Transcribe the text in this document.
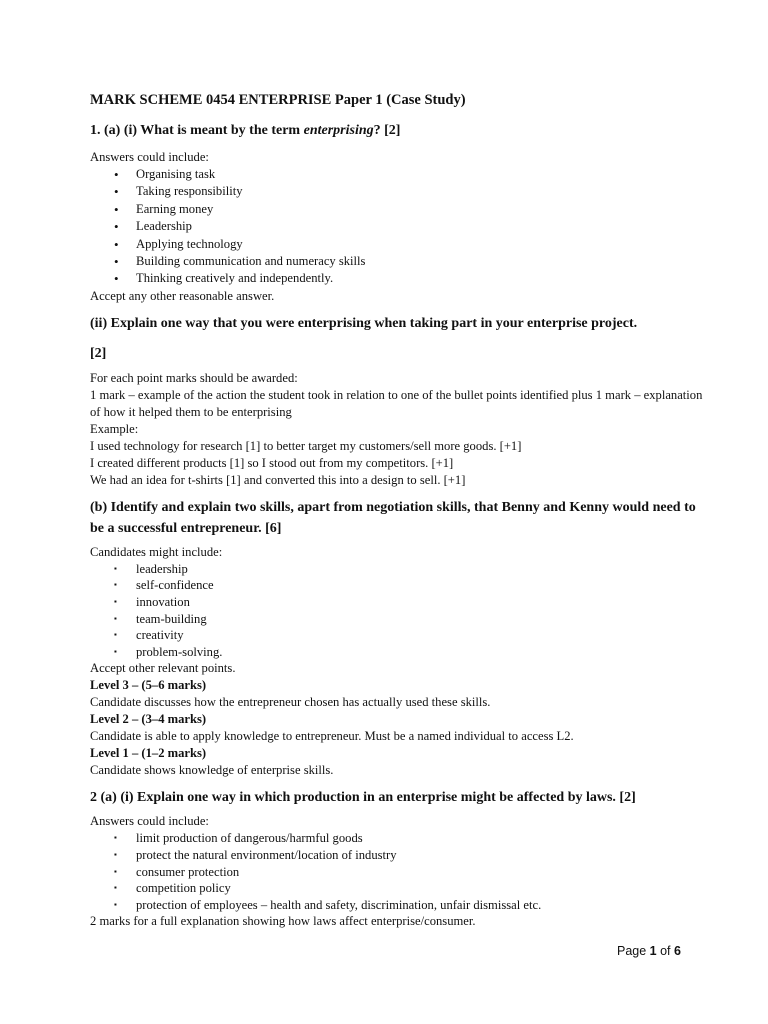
MARK SCHEME 0454 ENTERPRISE Paper 1 (Case Study)

1. (a) (i) What is meant by the term enterprising? [2]

Answers could include:

• Organising task
• Taking responsibility
• Earning money
• Leadership
• Applying technology
• Building communication and numeracy skills
• Thinking creatively and independently.

Accept any other reasonable answer.

(ii) Explain one way that you were enterprising when taking part in your enterprise project.

[2]

For each point marks should be awarded:

1 mark – example of the action the student took in relation to one of the bullet points identified plus 1 mark – explanation of how it helped them to be enterprising

Example:

I used technology for research [1] to better target my customers/sell more goods. [+1]

I created different products [1] so I stood out from my competitors. [+1]

We had an idea for t-shirts [1] and converted this into a design to sell. [+1]

(b) Identify and explain two skills, apart from negotiation skills, that Benny and Kenny would need to be a successful entrepreneur. [6]

Candidates might include:

▪ leadership
▪ self-confidence
▪ innovation
▪ team-building
▪ creativity
▪ problem-solving.

Accept other relevant points.

Level 3 – (5–6 marks)

Candidate discusses how the entrepreneur chosen has actually used these skills.

Level 2 – (3–4 marks)

Candidate is able to apply knowledge to entrepreneur. Must be a named individual to access L2.

Level 1 – (1–2 marks)

Candidate shows knowledge of enterprise skills.

2 (a) (i) Explain one way in which production in an enterprise might be affected by laws. [2]

Answers could include:

▪ limit production of dangerous/harmful goods
▪ protect the natural environment/location of industry
▪ consumer protection
▪ competition policy
▪ protection of employees – health and safety, discrimination, unfair dismissal etc.

2 marks for a full explanation showing how laws affect enterprise/consumer.

Page 1 of 6
